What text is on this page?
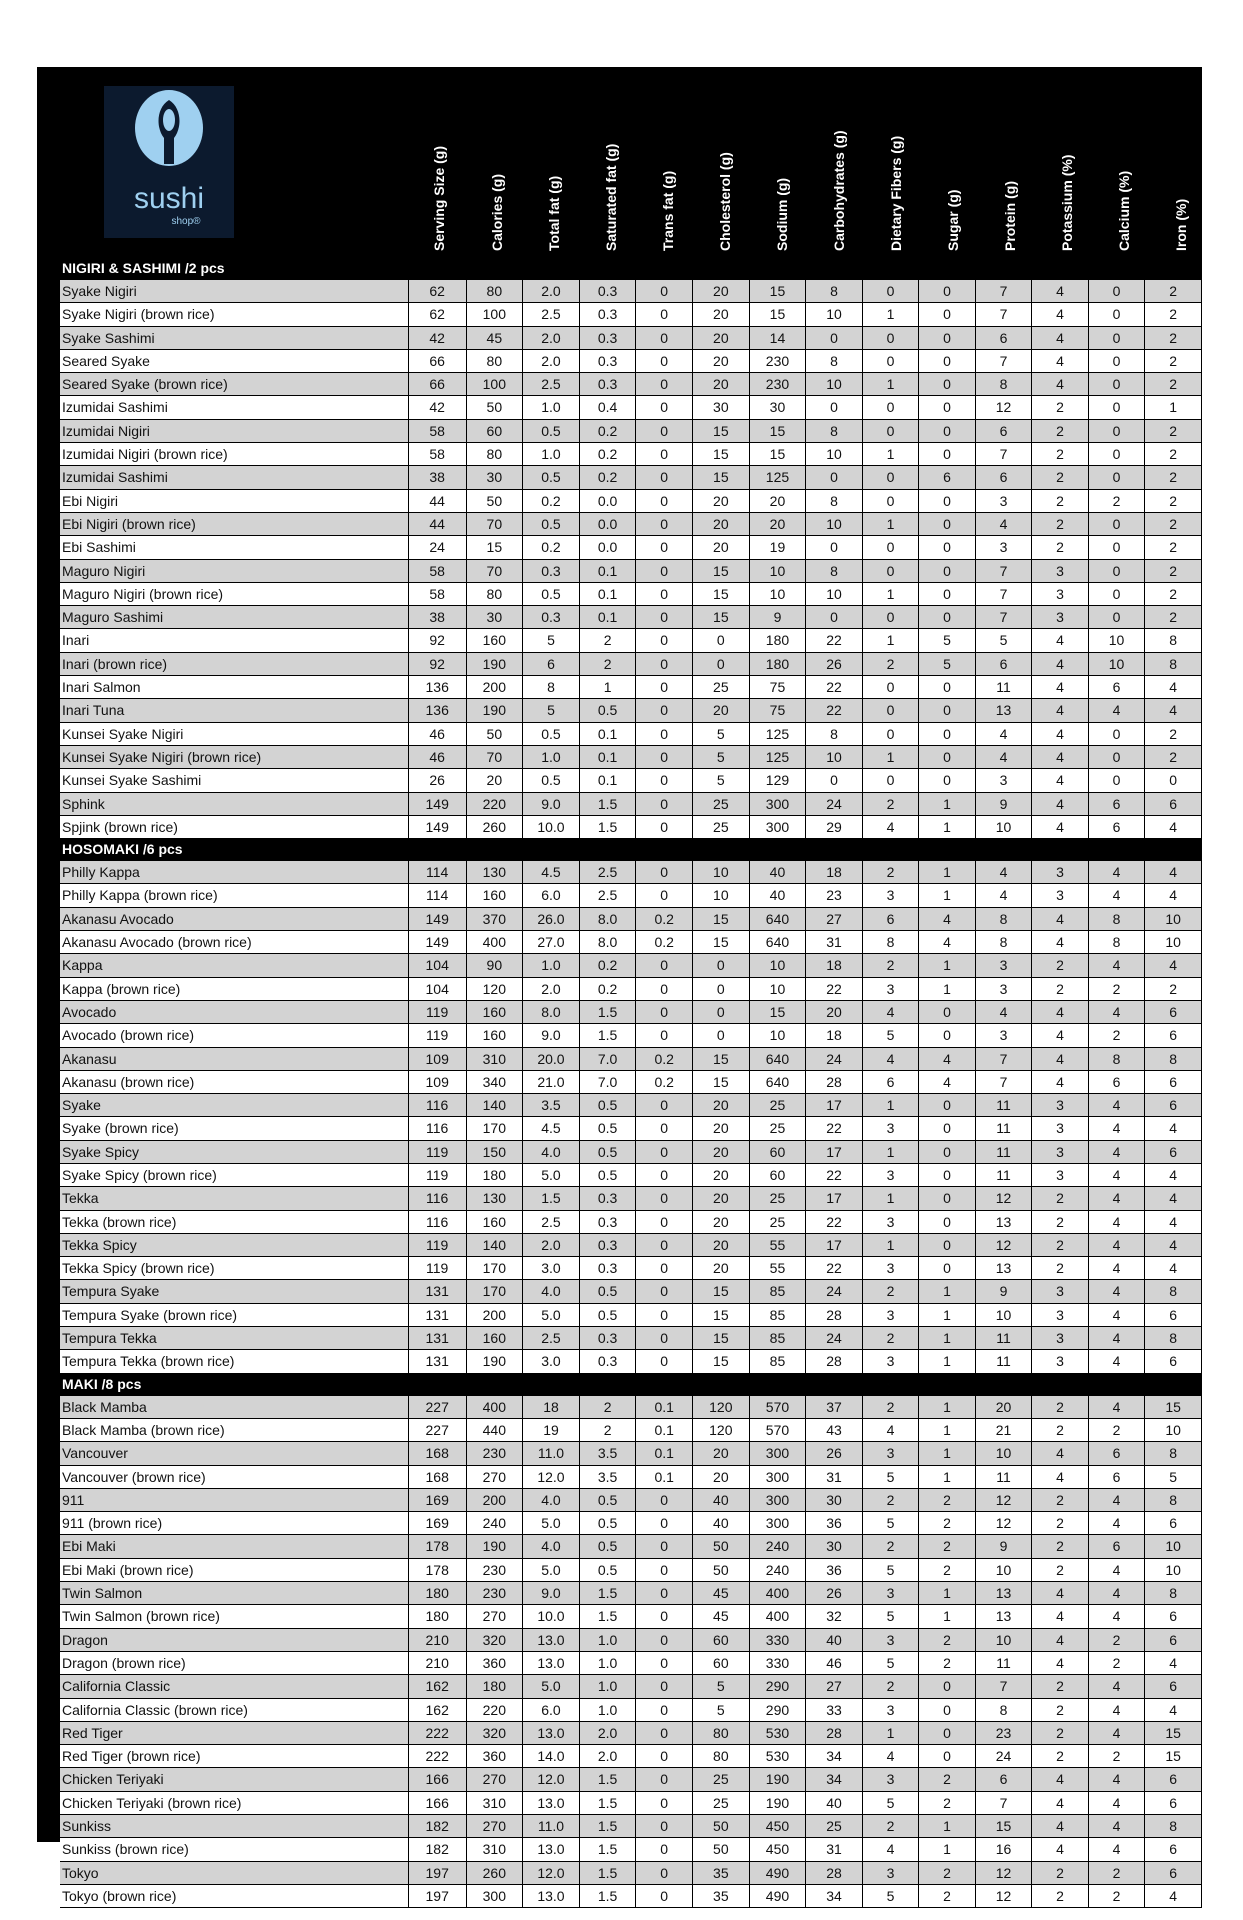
sushi
shop®	Serving Size (g)	Calories (g)	Total fat (g)	Saturated fat (g)	Trans fat (g)	Cholesterol (g)	Sodium (g)	Carbohydrates (g)	Dietary Fibers (g)	Sugar (g)	Protein (g)	Potassium (%)	Calcium (%)	Iron (%)
NIGIRI & SASHIMI /2 pcs														
Syake Nigiri	62	80	2.0	0.3	0	20	15	8	0	0	7	4	0	2
Syake Nigiri (brown rice)	62	100	2.5	0.3	0	20	15	10	1	0	7	4	0	2
Syake Sashimi	42	45	2.0	0.3	0	20	14	0	0	0	6	4	0	2
Seared Syake	66	80	2.0	0.3	0	20	230	8	0	0	7	4	0	2
Seared Syake (brown rice)	66	100	2.5	0.3	0	20	230	10	1	0	8	4	0	2
Izumidai Sashimi	42	50	1.0	0.4	0	30	30	0	0	0	12	2	0	1
Izumidai Nigiri	58	60	0.5	0.2	0	15	15	8	0	0	6	2	0	2
Izumidai Nigiri (brown rice)	58	80	1.0	0.2	0	15	15	10	1	0	7	2	0	2
Izumidai Sashimi	38	30	0.5	0.2	0	15	125	0	0	6	6	2	0	2
Ebi Nigiri	44	50	0.2	0.0	0	20	20	8	0	0	3	2	2	2
Ebi Nigiri (brown rice)	44	70	0.5	0.0	0	20	20	10	1	0	4	2	0	2
Ebi Sashimi	24	15	0.2	0.0	0	20	19	0	0	0	3	2	0	2
Maguro Nigiri	58	70	0.3	0.1	0	15	10	8	0	0	7	3	0	2
Maguro Nigiri (brown rice)	58	80	0.5	0.1	0	15	10	10	1	0	7	3	0	2
Maguro Sashimi	38	30	0.3	0.1	0	15	9	0	0	0	7	3	0	2
Inari	92	160	5	2	0	0	180	22	1	5	5	4	10	8
Inari (brown rice)	92	190	6	2	0	0	180	26	2	5	6	4	10	8
Inari Salmon	136	200	8	1	0	25	75	22	0	0	11	4	6	4
Inari Tuna	136	190	5	0.5	0	20	75	22	0	0	13	4	4	4
Kunsei Syake Nigiri	46	50	0.5	0.1	0	5	125	8	0	0	4	4	0	2
Kunsei Syake Nigiri (brown rice)	46	70	1.0	0.1	0	5	125	10	1	0	4	4	0	2
Kunsei Syake Sashimi	26	20	0.5	0.1	0	5	129	0	0	0	3	4	0	0
Sphink	149	220	9.0	1.5	0	25	300	24	2	1	9	4	6	6
Spjink (brown rice)	149	260	10.0	1.5	0	25	300	29	4	1	10	4	6	4
HOSOMAKI /6 pcs														
Philly Kappa	114	130	4.5	2.5	0	10	40	18	2	1	4	3	4	4
Philly Kappa (brown rice)	114	160	6.0	2.5	0	10	40	23	3	1	4	3	4	4
Akanasu Avocado	149	370	26.0	8.0	0.2	15	640	27	6	4	8	4	8	10
Akanasu Avocado (brown rice)	149	400	27.0	8.0	0.2	15	640	31	8	4	8	4	8	10
Kappa	104	90	1.0	0.2	0	0	10	18	2	1	3	2	4	4
Kappa (brown rice)	104	120	2.0	0.2	0	0	10	22	3	1	3	2	2	2
Avocado	119	160	8.0	1.5	0	0	15	20	4	0	4	4	4	6
Avocado (brown rice)	119	160	9.0	1.5	0	0	10	18	5	0	3	4	2	6
Akanasu	109	310	20.0	7.0	0.2	15	640	24	4	4	7	4	8	8
Akanasu (brown rice)	109	340	21.0	7.0	0.2	15	640	28	6	4	7	4	6	6
Syake	116	140	3.5	0.5	0	20	25	17	1	0	11	3	4	6
Syake (brown rice)	116	170	4.5	0.5	0	20	25	22	3	0	11	3	4	4
Syake Spicy	119	150	4.0	0.5	0	20	60	17	1	0	11	3	4	6
Syake Spicy (brown rice)	119	180	5.0	0.5	0	20	60	22	3	0	11	3	4	4
Tekka	116	130	1.5	0.3	0	20	25	17	1	0	12	2	4	4
Tekka (brown rice)	116	160	2.5	0.3	0	20	25	22	3	0	13	2	4	4
Tekka Spicy	119	140	2.0	0.3	0	20	55	17	1	0	12	2	4	4
Tekka Spicy (brown rice)	119	170	3.0	0.3	0	20	55	22	3	0	13	2	4	4
Tempura Syake	131	170	4.0	0.5	0	15	85	24	2	1	9	3	4	8
Tempura Syake (brown rice)	131	200	5.0	0.5	0	15	85	28	3	1	10	3	4	6
Tempura Tekka	131	160	2.5	0.3	0	15	85	24	2	1	11	3	4	8
Tempura Tekka (brown rice)	131	190	3.0	0.3	0	15	85	28	3	1	11	3	4	6
MAKI /8 pcs														
Black Mamba	227	400	18	2	0.1	120	570	37	2	1	20	2	4	15
Black Mamba (brown rice)	227	440	19	2	0.1	120	570	43	4	1	21	2	2	10
Vancouver	168	230	11.0	3.5	0.1	20	300	26	3	1	10	4	6	8
Vancouver (brown rice)	168	270	12.0	3.5	0.1	20	300	31	5	1	11	4	6	5
911	169	200	4.0	0.5	0	40	300	30	2	2	12	2	4	8
911 (brown rice)	169	240	5.0	0.5	0	40	300	36	5	2	12	2	4	6
Ebi Maki	178	190	4.0	0.5	0	50	240	30	2	2	9	2	6	10
Ebi Maki (brown rice)	178	230	5.0	0.5	0	50	240	36	5	2	10	2	4	10
Twin Salmon	180	230	9.0	1.5	0	45	400	26	3	1	13	4	4	8
Twin Salmon (brown rice)	180	270	10.0	1.5	0	45	400	32	5	1	13	4	4	6
Dragon	210	320	13.0	1.0	0	60	330	40	3	2	10	4	2	6
Dragon (brown rice)	210	360	13.0	1.0	0	60	330	46	5	2	11	4	2	4
California Classic	162	180	5.0	1.0	0	5	290	27	2	0	7	2	4	6
California Classic (brown rice)	162	220	6.0	1.0	0	5	290	33	3	0	8	2	4	4
Red Tiger	222	320	13.0	2.0	0	80	530	28	1	0	23	2	4	15
Red Tiger (brown rice)	222	360	14.0	2.0	0	80	530	34	4	0	24	2	2	15
Chicken Teriyaki	166	270	12.0	1.5	0	25	190	34	3	2	6	4	4	6
Chicken Teriyaki (brown rice)	166	310	13.0	1.5	0	25	190	40	5	2	7	4	4	6
Sunkiss	182	270	11.0	1.5	0	50	450	25	2	1	15	4	4	8
Sunkiss (brown rice)	182	310	13.0	1.5	0	50	450	31	4	1	16	4	4	6
Tokyo	197	260	12.0	1.5	0	35	490	28	3	2	12	2	2	6
Tokyo (brown rice)	197	300	13.0	1.5	0	35	490	34	5	2	12	2	2	4
